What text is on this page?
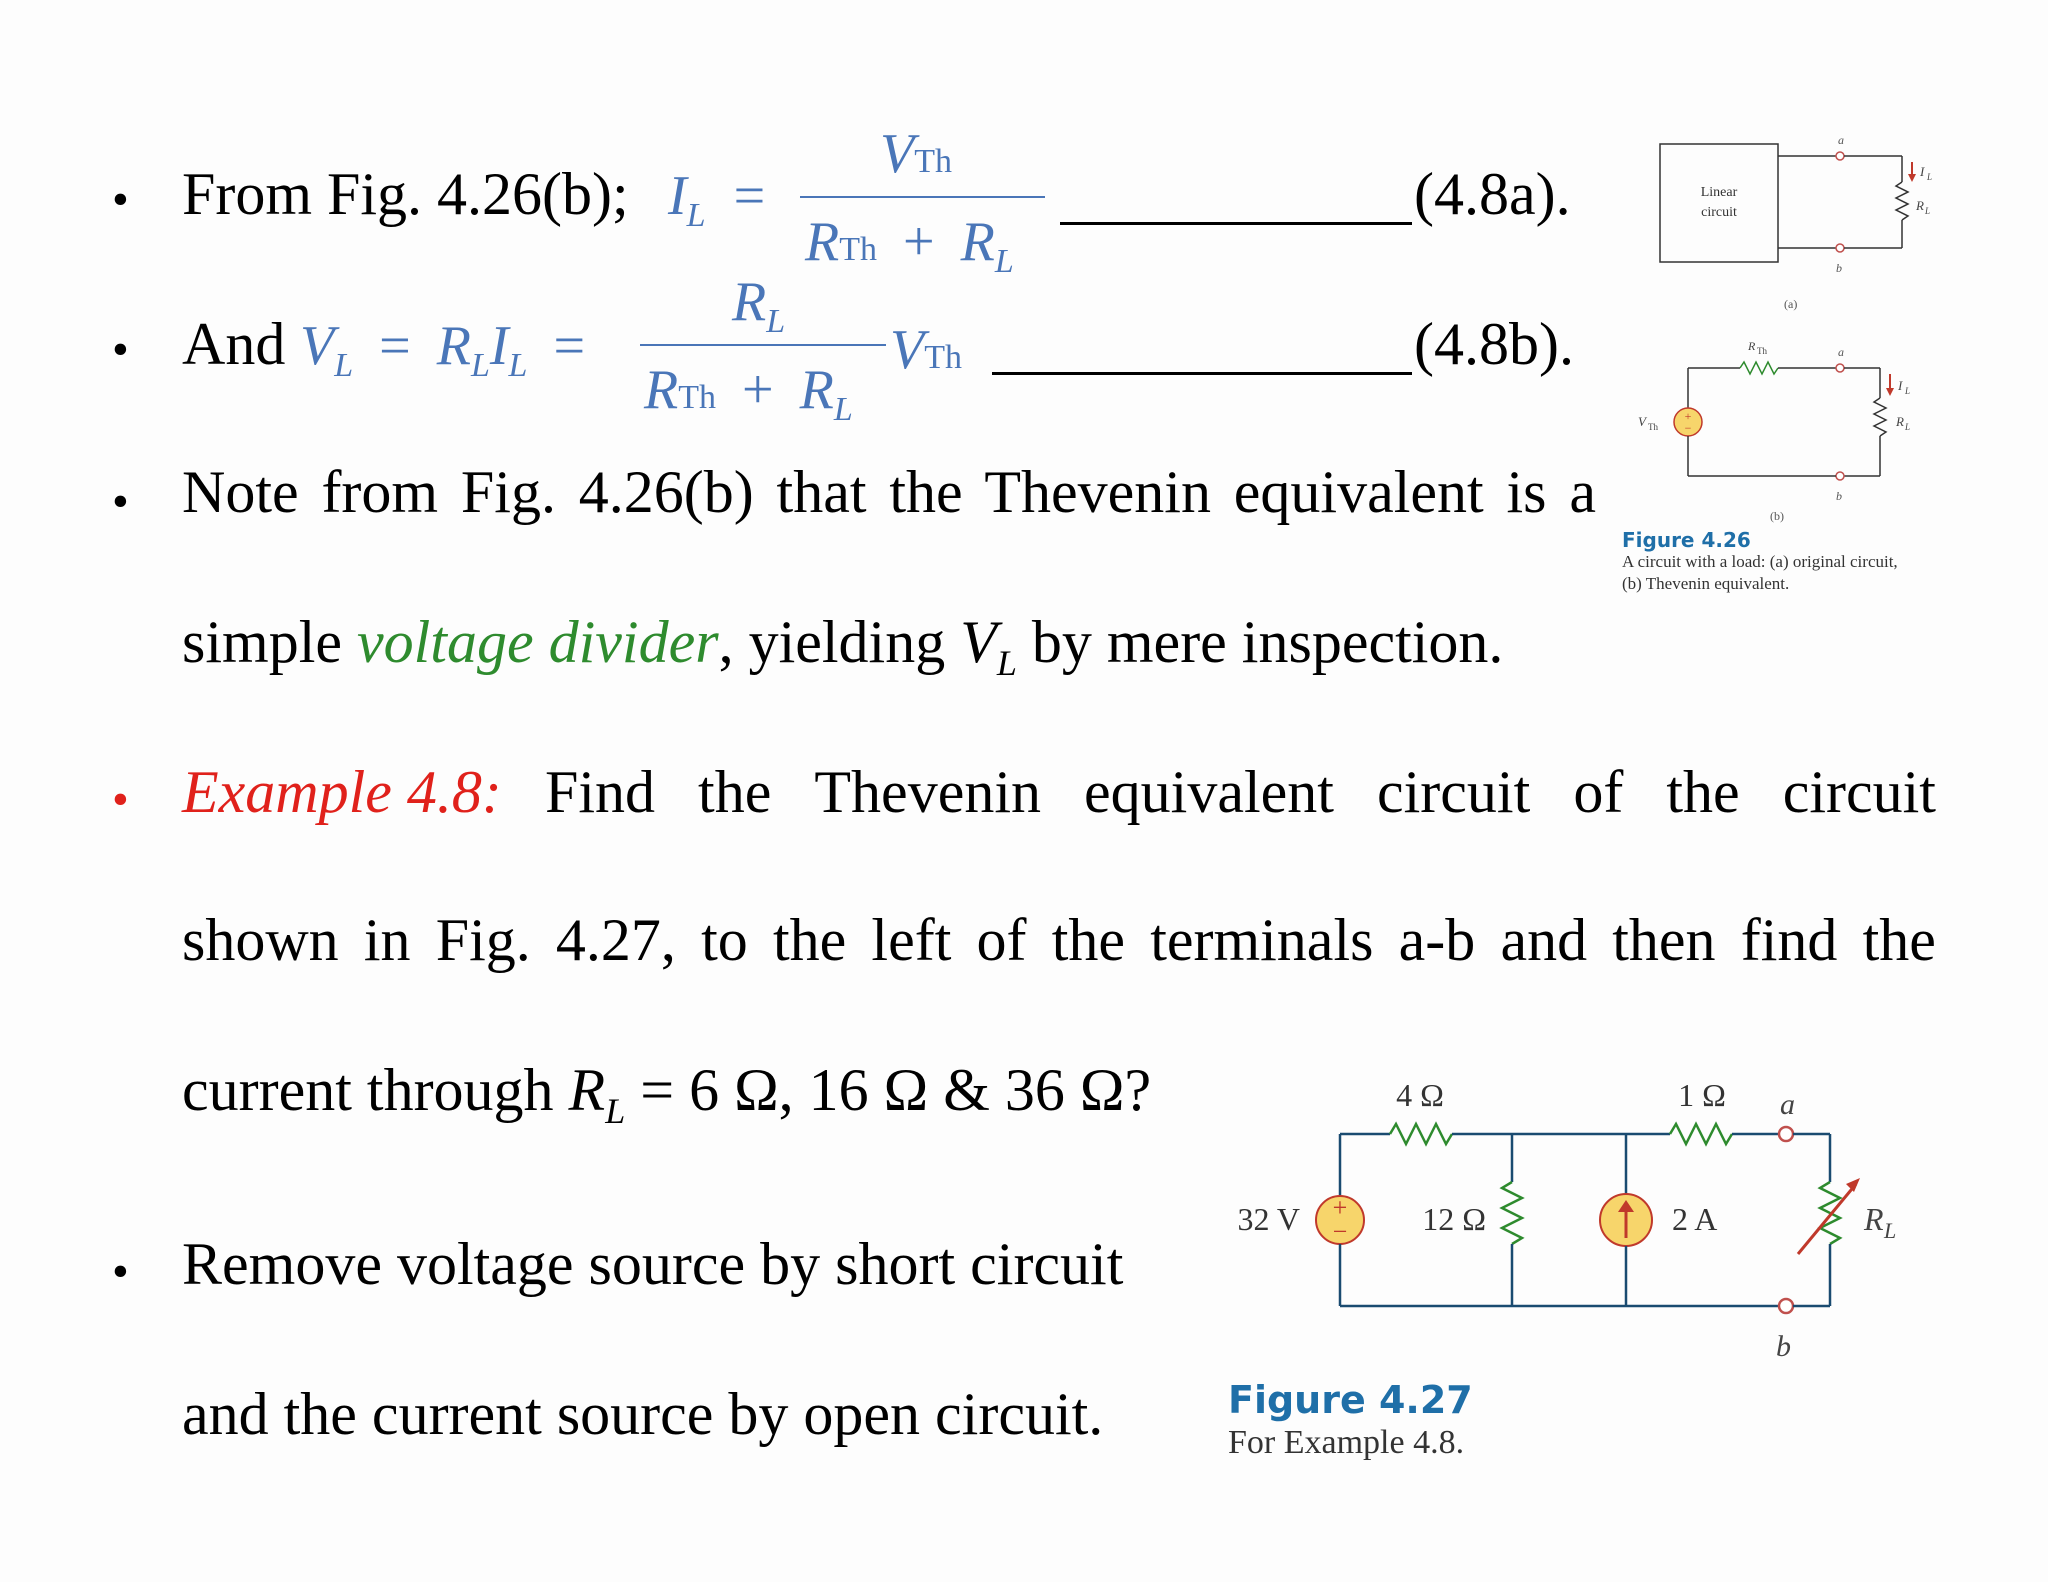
• From Fig. 4.26(b); $I_L$ =
VTh
RTh + $R_L$
(4.8a).
• And $V_L = R_LI_L$ =
$R_L$
RTh + $R_L$
VTh	(4.8b).
• Note from Fig. 4.26(b) that the Thevenin equivalent is a
simple voltage divider, yielding $V_L$ by mere inspection.
• Example 4.8: Find the Thevenin equivalent circuit of the circuit
shown in Fig. 4.27, to the left of the terminals a-b and then find the
current through $R_L = 6$ Ω, 16 Ω & 36 Ω?
• Remove voltage source by short circuit
and the current source by open circuit.
Linear
circuit
a
b
I L
R L
(a)
R Th	a
b
+
−
V Th
I L
R L
(b)
Figure 4.26
A circuit with a load: (a) original circuit,
(b) Thevenin equivalent.
4 Ω	1 Ω a
b
+
−
32 V	12 Ω	2 A	R L
Figure 4.27
For Example 4.8.
